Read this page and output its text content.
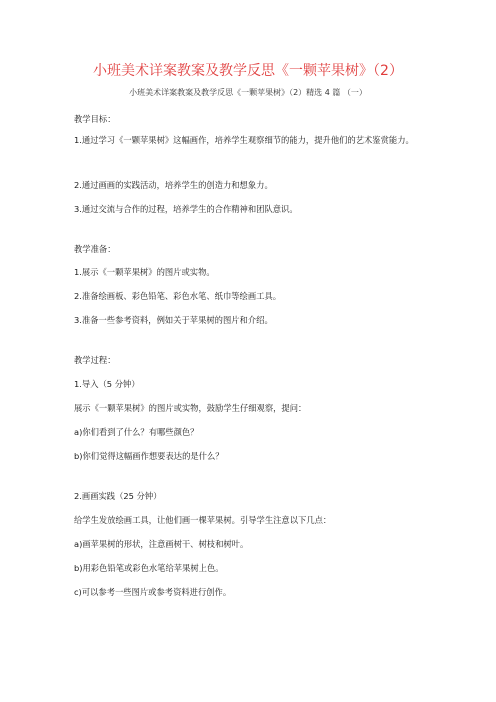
小班美术详案教案及教学反思《一颗苹果树》（2）
小班美术详案教案及教学反思《一颗苹果树》（2）精选 4 篇 （一）
教学目标：
1.通过学习《一颗苹果树》这幅画作，培养学生观察细节的能力，提升他们的艺术鉴赏能力。
2.通过画画的实践活动，培养学生的创造力和想象力。
3.通过交流与合作的过程，培养学生的合作精神和团队意识。
教学准备：
1.展示《一颗苹果树》的图片或实物。
2.准备绘画板、彩色铅笔、彩色水笔、纸巾等绘画工具。
3.准备一些参考资料，例如关于苹果树的图片和介绍。
教学过程：
1.导入（5 分钟）
展示《一颗苹果树》的图片或实物，鼓励学生仔细观察，提问：
a)你们看到了什么？有哪些颜色？
b)你们觉得这幅画作想要表达的是什么？
2.画画实践（25 分钟）
给学生发放绘画工具，让他们画一棵苹果树。引导学生注意以下几点：
a)画苹果树的形状，注意画树干、树枝和树叶。
b)用彩色铅笔或彩色水笔给苹果树上色。
c)可以参考一些图片或参考资料进行创作。
